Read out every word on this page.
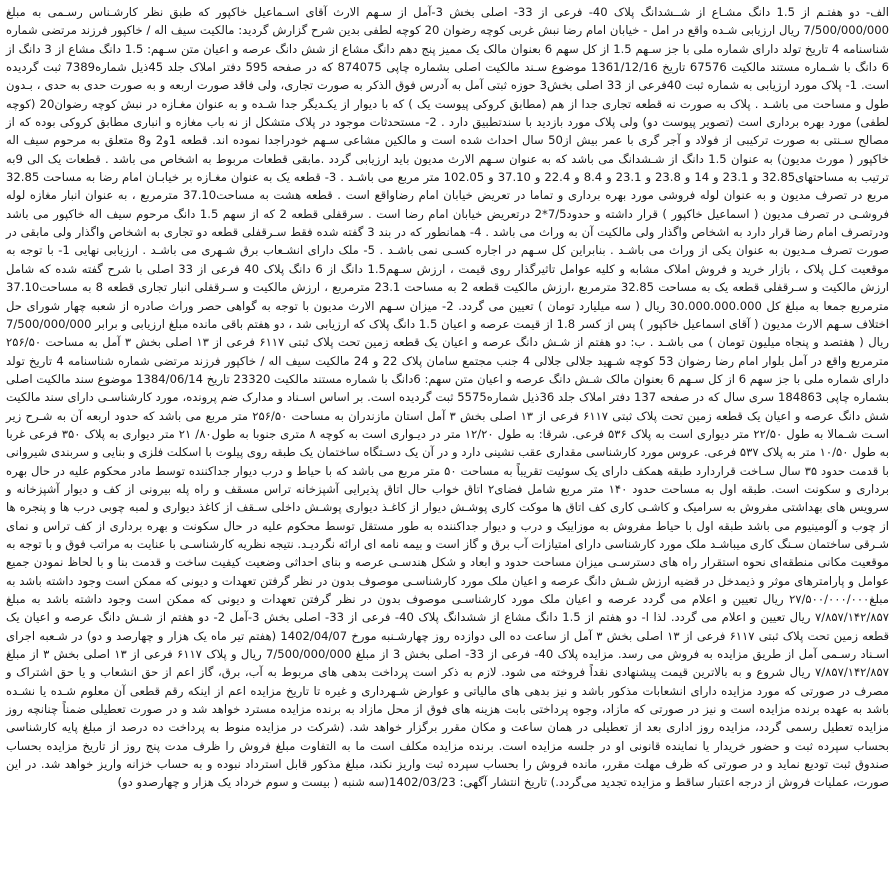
الف- دو هفتـم از 1.5 دانگ مشـاع از شــشدانگ پلاک 40- فرعی از 33- اصلی بخش 3-آمل از سـهم الارث آقای اسـماعیل خاکپور که طبق نظر کارشـناس رسـمی به مبلغ 7/500/000/000 ریال ارزیابی شـده واقع در امل - خیابان امام رضا نبش غربی کوچه رضوان 20 کوچه لطفی بدین شرح گزارش گردید: مالکیت سیف اله / خاکپور فرزند مرتضی شماره شناسنامه 4 تاریخ تولد دارای شماره ملی با جز سـهم 1.5 از کل سهم 6 بعنوان مالک یک ممیز پنج دهم دانگ مشاع از شش دانگ عرصه و اعیان متن سـهم: 1.5 دانگ مشاع از 3 دانگ از 6 دانگ با شـماره مستند مالکیت 67576 تاریخ 1361/12/16 موضوع سـند مالکیت اصلی بشماره چاپی 874075 که در صفحه 595 دفتر املاک جلد 45ذیل شماره7389 ثبت گردیده است. 1- پلاک مورد ارزیابی به شماره ثبت 40فرعی از 33 اصلی بخش3 حوزه ثبتی آمل به آدرس فوق الذکر به صورت تجاری، ولی فاقد صورت اربعه و به صورت حدی به حدی ، بـدون طول و مساحت می باشـد . پلاک به صورت نه قطعه تجاری جدا از هم (مطابق کروکی پیوست یک ) که با دیوار از یکـدیگر جدا شـده و به عنوان مغـازه در نبش کوچه رضوان20 (کوچه لطفی) مورد بهره برداری است (تصویر پیوست دو) ولی پلاک مورد بازدید با سندتطبیق دارد . 2- مستحدثات موجود در پلاک متشکل از نه باب مغازه و انباری مطابق کروکی بوده که از مصالح سـنتی به صورت ترکیبی از فولاد و آجر گری با عمر بیش از50 سال احداث شده است و مالکین مشاعی سـهم خودراجدا نموده اند. قطعه 1و2 و8 متعلق به مرحوم سیف اله خاکپور ( مورث مدیون) به عنوان 1.5 دانگ از شـشدانگ می باشد که به عنوان سـهم الارث مدیون باید ارزیابی گردد .مابقی قطعات مربوط به اشخاص می باشد . قطعات یک الی 9به ترتیب به مساحتهای32.85 و 23.1 و 14 و 23.8 و 23.1 و 8.4 و 22.4 و 37.10 و 102.05 متر مربع می باشـد . 3- قطعه یک به عنوان مغـازه بر خیابـان امام رضا به مساحت 32.85 مربع در تصرف مدیون و به عنوان لوله فروشی مورد بهره برداری و تماما در تعریض خیابان امام رضاواقع است . قطعه هشت به مساحت37.10 مترمربع ، به عنوان انبار مغازه لوله فروشـی در تصرف مدیون ( اسماعیل خاکپور ) قرار داشته و حدود7/5*2 درتعریض خیابان امام رضا است . سرقفلی قطعه 2 که از سهم 1.5 دانگ مرحوم سیف اله خاکپور می باشد ودرتصرف امام رضا قرار دارد به اشخاص واگذار ولی مالکیت آن به وراث می باشد . 4- همانطور که در بند 3 گفته شده فقط سـرقفلی قطعه دو تجاری به اشخاص واگذار ولی مابقی در صورت تصرف مـدیون به عنوان یکی از وراث می باشـد . بنابراین کل سـهم در اجاره کسـی نمی باشـد . 5- ملک دارای انشـعاب برق شـهری می باشـد . ارزیابی نهایی 1- با توجه به موقعیت کـل پلاک ، بازار خرید و فروش املاک مشابه و کلیه عوامل تاثیرگذار روی قیمت ، ارزش سـهم1.5 دانگ از 6 دانگ پلاک 40 فرعی از 33 اصلی با شرح گفته شده که شامل ارزش مالکیت و سـرقفلی قطعه یک به مساحت 32.85 مترمربع ،ارزش مالکیت قطعه 2 به مساحت 23.1 مترمربع ، ارزش مالکیت و سـرقفلی انبار تجاری قطعه 8 به مساحت37.10 مترمربع جمعا به مبلغ کل 30.000.000.000 ریال ( سه میلیارد تومان ) تعیین می گردد. 2- میزان سـهم الارث مدیون با توجه به گواهی حصر وراث صادره از شعبه چهار شورای حل اختلاف سـهم الارث مدیون ( آقای اسماعیل خاکپور ) پس از کسر 1.8 از قیمت عرصه و اعیان 1.5 دانگ پلاک که ارزیابی شد ، دو هفتم باقی مانده مبلغ ارزیابی و برابر 7/500/000/000 ریال ( هفتصد و پنجاه میلیون تومان ) می باشـد . ب: دو هفتم از شـش دانگ عرصه و اعیان یک قطعه زمین تحت پلاک ثبتی ۶۱۱۷ فرعی از ۱۳ اصلی بخش ۳ آمل به مساحت ۲۵۶/۵۰ مترمربع واقع در آمل بلوار امام رضا رضوان 53 کوچه شـهید جلالی جلالی 4 جنب مجتمع سامان پلاک 22 و 24 مالکیت سیف اله / خاکپور فرزند مرتضی شماره شناسنامه 4 تاریخ تولد دارای شماره ملی با جز سهم 6 از کل سـهم 6 بعنوان مالک شـش دانگ عرصه و اعیان متن سهم: 6دانگ با شماره مستند مالکیت 23320 تاریخ 1384/06/14 موضوع سند مالکیت اصلی بشماره چاپی 184863 سری سال که در صفحه 137 دفتر املاک جلد 36ذیل شماره5575 ثبت گردیده است. بر اساس اسـناد و مدارک ضم پرونده، مورد کارشناسـی دارای سند مالکیت شش دانگ عرصه و اعیان یک قطعه زمین تحت پلاک ثبتی ۶۱۱۷ فرعی از ۱۳ اصلی بخش ۳ آمل استان مازندران به مساحت ۲۵۶/۵۰ متر مربع می باشد که حدود اربعه آن به شـرح زیر اسـت شـمالا به طول ۲۲/۵۰ متر دیواری است به پلاک ۵۳۶ فرعی. شرقا: به طول ۱۲/۲۰ متر در دیـواری است به کوچه ۸ متری جنوبا به طول۸۰/ ۲۱ متر دیواری به پلاک ۳۵۰ فرعی غربا به طول ۱۰/۵۰ متر به پلاک ۵۳۷ فرعی. عروس مورد کارشناسی مقداری عقب نشینی دارد و در آن یک دسـتگاه ساختمان یک طبقه روی پیلوت با اسکلت فلزی و بنایی و سربندی شیروانی با قدمت حدود ۳۵ سال سـاخت قراردارد طبقه همکف دارای یک سوئیت تقریباً به مساحت ۵۰ متر مربع می باشد که با حیاط و درب دیوار جداکننده توسط مادر محکوم علیه در حال بهره برداری و سکونت است. طبقه اول به مساحت حدود ۱۴۰ متر مربع شامل فضای۲ اتاق خواب حال اتاق پذیرایی آشپزخانه تراس مسقف و راه پله بیرونی از کف و دیوار آشپزخانه و سرویس های بهداشتی مفروش به سرامیک و کاشـی کاری کف اتاق ها موکت کاری پوشـش دیوار از کاغـذ دیواری پوشـش داخلی سـقف از کاغذ دیواری و لمبه چوبی درب ها و پنجره ها از چوب و آلومینیوم می باشد طبقه اول با حیاط مفروش به موزاییک و درب و دیوار جداکننده به طور مستقل توسط محکوم علیه در حال سکونت و بهره برداری از کف تراس و نمای شـرقی ساختمان سـنگ کاری میباشـد ملک مورد کارشناسی دارای امتیازات آب برق و گاز است و بیمه نامه ای ارائه نگردیـد. نتیجه نظریه کارشناسـی با عنایت به مراتب فوق و با توجه به موقعیت مکانی منطقه‌ای نحوه استقرار راه های دسترسـی میزان مساحت حدود و ابعاد و شکل هندسـی عرصه و بنای احداثی وضعیت کیفیت ساخت و قدمت بنا و با لحاظ نمودن جمیع عوامل و پارامترهای موثر و ذیمدخل در قضیه ارزش شـش دانگ عرصه و اعیان ملک مورد کارشناسـی موصوف بدون در نظر گرفتن تعهدات و دیونی که ممکن است وجود داشته باشد به مبلغ۲۷/۵۰۰/۰۰۰/۰۰۰ ریال تعیین و اعلام می گردد عرصه و اعیان ملک مورد کارشناسـی موصوف بدون در نظر گرفتن تعهدات و دیونی که ممکن است وجود داشته باشد به مبلغ ۷/۸۵۷/۱۴۲/۸۵۷ ریال تعیین و اعلام می گردد. لذا ا- دو هفتم از 1.5 دانگ مشاع از ششدانگ پلاک 40- فرعی از 33- اصلی بخش 3-آمل 2- دو هفتم از شـش دانگ عرصه و اعیان یک قطعه زمین تحت پلاک ثبتی ۶۱۱۷ فرعی از ۱۳ اصلی بخش ۳ آمل از ساعت ده الی دوازده روز چهارشـنبه مورخ 1402/04/07 (هفتم تیر ماه یک هزار و چهارصد و دو) در شـعبه اجرای اسـناد رسـمی آمل از طریق مزایده به فروش می رسد. مزایده پلاک 40- فرعی از 33- اصلی بخش 3 از مبلغ 7/500/000/000 ریال و پلاک ۶۱۱۷ فرعی از ۱۳ اصلی بخش ۳ از مبلغ ۷/۸۵۷/۱۴۲/۸۵۷ ریال شروع و به بالاترین قیمت پیشنهادی نقداً فروخته می شود. لازم به ذکر است پرداخت بدهی های مربوط به آب، برق، گاز اعم از حق انشعاب و یا حق اشتراک و مصرف در صورتی که مورد مزایده دارای انشعابات مذکور باشد و نیز بدهی های مالیاتی و عوارض شـهرداری و غیره تا تاریخ مزایده اعم از اینکه رقم قطعی آن معلوم شـده یا نشـده باشد به عهده برنده مزایده است و نیز در صورتی که مازاد، وجوه پرداختی بابت هزینه های فوق از محل مازاد به برنده مزایده مسترد خواهد شد و در صورت تعطیلی ضمناً چنانچه روز مزایده تعطیل رسمی گردد، مزایده روز اداری بعد از تعطیلی در همان ساعت و مکان مقرر برگزار خواهد شد. (شرکت در مزایده منوط به پرداخت ده درصد از مبلغ پایه کارشناسی بحساب سپرده ثبت و حضور خریدار یا نماینده قانونی او در جلسه مزایده است. برنده مزایده مکلف است ما به التفاوت مبلغ فروش را ظرف مدت پنج روز از تاریخ مزایده بحساب صندوق ثبت تودیع نماید و در صورتی که ظرف مهلت مقرر، مانده فروش را بحساب سپرده ثبت واریز نکند، مبلغ مذکور قابل استرداد نبوده و به حساب خزانه واریز خواهد شد. در این صورت، عملیات فروش از درجه اعتبار ساقط و مزایده تجدید می‌گردد.) تاریخ انتشار آگهی: 1402/03/23(سه شنبه ( بیست و سوم خرداد یک هزار و چهارصدو دو)
